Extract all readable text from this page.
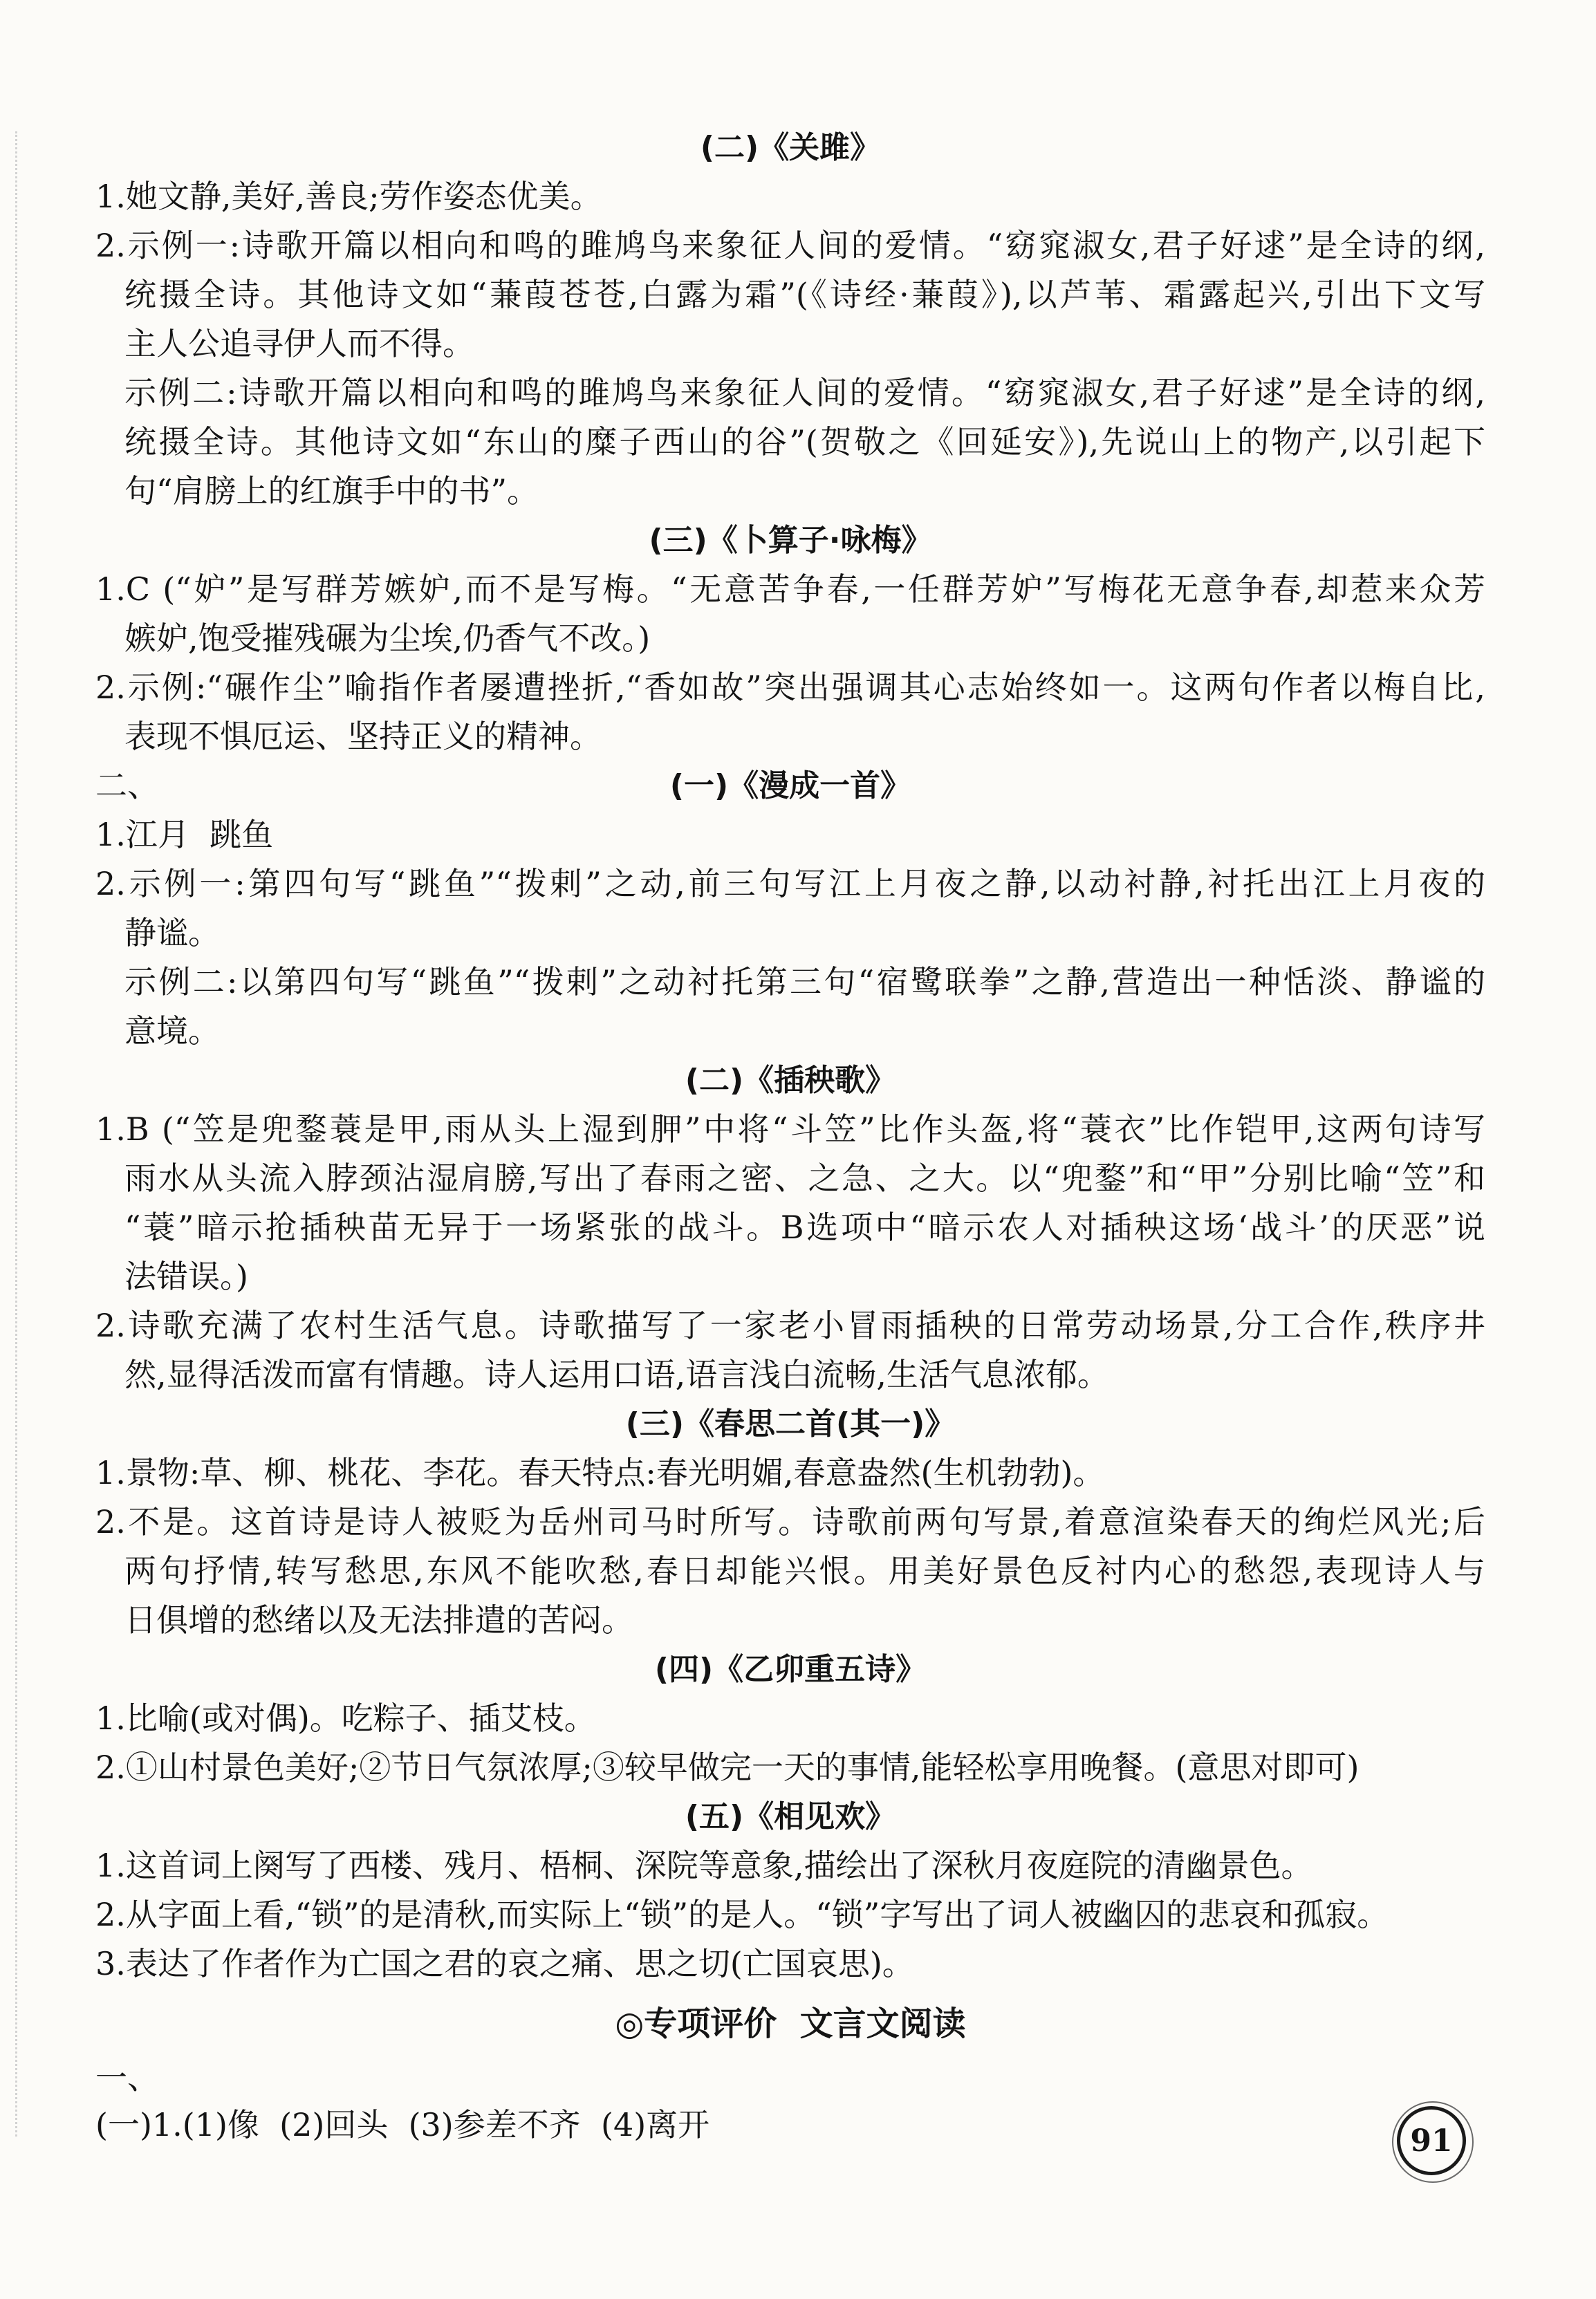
(二)《关雎》
1.她文静,美好,善良;劳作姿态优美。
2.示例一:诗歌开篇以相向和鸣的雎鸠鸟来象征人间的爱情。“窈窕淑女,君子好逑”是全诗的纲,
统摄全诗。其他诗文如“蒹葭苍苍,白露为霜”(《诗经·蒹葭》),以芦苇、霜露起兴,引出下文写
主人公追寻伊人而不得。
示例二:诗歌开篇以相向和鸣的雎鸠鸟来象征人间的爱情。“窈窕淑女,君子好逑”是全诗的纲,
统摄全诗。其他诗文如“东山的糜子西山的谷”(贺敬之《回延安》),先说山上的物产,以引起下
句“肩膀上的红旗手中的书”。
(三)《卜算子·咏梅》
1.C (“妒”是写群芳嫉妒,而不是写梅。“无意苦争春,一任群芳妒”写梅花无意争春,却惹来众芳
嫉妒,饱受摧残碾为尘埃,仍香气不改。)
2.示例:“碾作尘”喻指作者屡遭挫折,“香如故”突出强调其心志始终如一。这两句作者以梅自比,
表现不惧厄运、坚持正义的精神。
二、	(一)《漫成一首》
1.江月  跳鱼
2.示例一:第四句写“跳鱼”“拨剌”之动,前三句写江上月夜之静,以动衬静,衬托出江上月夜的
静谧。
示例二:以第四句写“跳鱼”“拨剌”之动衬托第三句“宿鹭联拳”之静,营造出一种恬淡、静谧的
意境。
(二)《插秧歌》
1.B (“笠是兜鍪蓑是甲,雨从头上湿到胛”中将“斗笠”比作头盔,将“蓑衣”比作铠甲,这两句诗写
雨水从头流入脖颈沾湿肩膀,写出了春雨之密、之急、之大。以“兜鍪”和“甲”分别比喻“笠”和
“蓑”暗示抢插秧苗无异于一场紧张的战斗。B选项中“暗示农人对插秧这场‘战斗’的厌恶”说
法错误。)
2.诗歌充满了农村生活气息。诗歌描写了一家老小冒雨插秧的日常劳动场景,分工合作,秩序井
然,显得活泼而富有情趣。诗人运用口语,语言浅白流畅,生活气息浓郁。
(三)《春思二首(其一)》
1.景物:草、柳、桃花、李花。春天特点:春光明媚,春意盎然(生机勃勃)。
2.不是。这首诗是诗人被贬为岳州司马时所写。诗歌前两句写景,着意渲染春天的绚烂风光;后
两句抒情,转写愁思,东风不能吹愁,春日却能兴恨。用美好景色反衬内心的愁怨,表现诗人与
日俱增的愁绪以及无法排遣的苦闷。
(四)《乙卯重五诗》
1.比喻(或对偶)。吃粽子、插艾枝。
2.①山村景色美好;②节日气氛浓厚;③较早做完一天的事情,能轻松享用晚餐。(意思对即可)
(五)《相见欢》
1.这首词上阕写了西楼、残月、梧桐、深院等意象,描绘出了深秋月夜庭院的清幽景色。
2.从字面上看,“锁”的是清秋,而实际上“锁”的是人。“锁”字写出了词人被幽囚的悲哀和孤寂。
3.表达了作者作为亡国之君的哀之痛、思之切(亡国哀思)。
◎专项评价  文言文阅读
一、
(一)1.(1)像  (2)回头  (3)参差不齐  (4)离开	91
